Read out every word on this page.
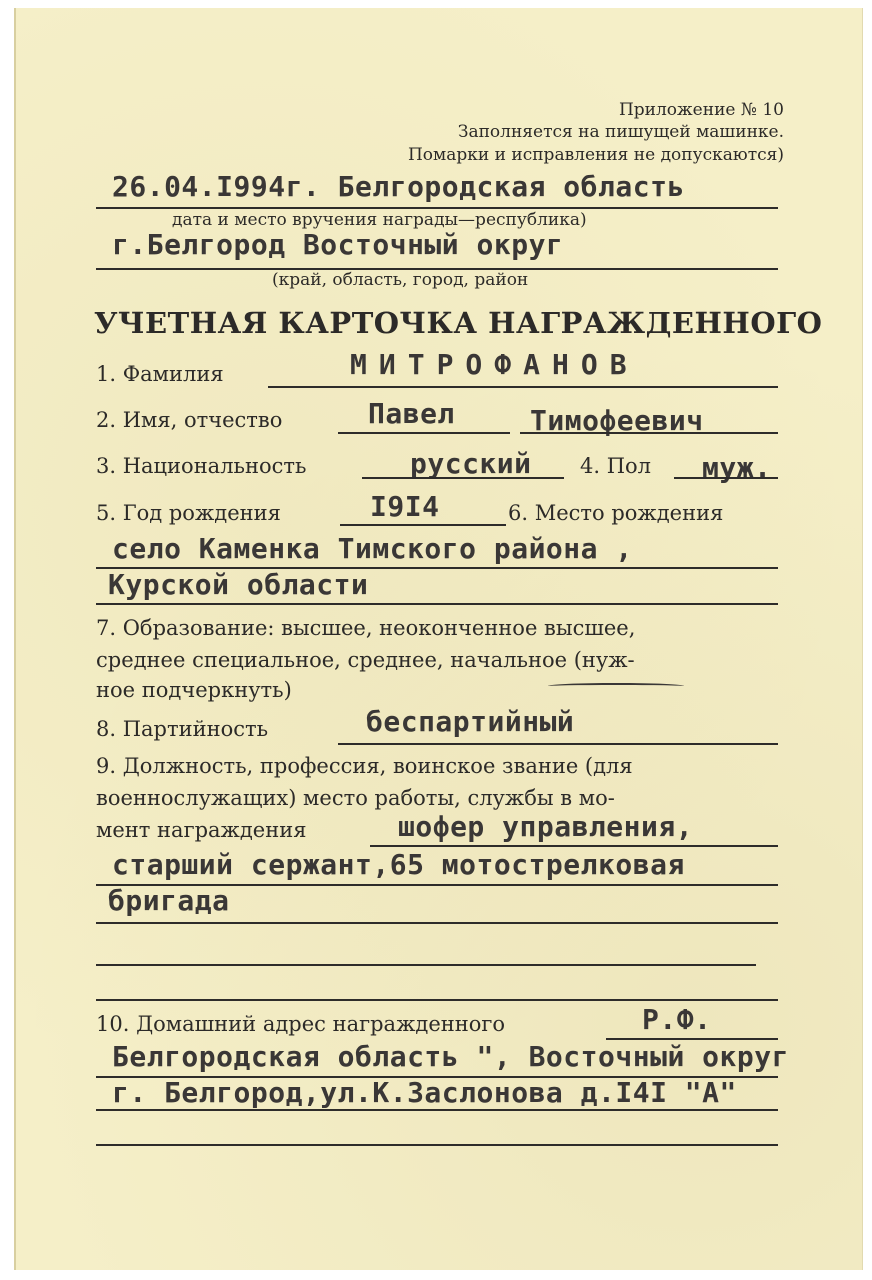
Приложение № 10
Заполняется на пишущей машинке.
Помарки и исправления не допускаются)
26.04.I994г. Белгородская область
дата и место вручения награды—республика)
г.Белгород Восточный округ
(край, область, город, район
УЧЕТНАЯ КАРТОЧКА НАГРАЖДЕННОГО
1. Фамилия	МИТРОФАНОВ
2. Имя, отчество	Павел	Тимофеевич
3. Национальность	русский 4. Пол муж.
5. Год рождения	I9I4	6. Место рождения
село Каменка Тимского района ,
Курской области
7. Образование: высшее, неоконченное высшее,
среднее специальное, среднее, начальное (нуж-
ное подчеркнуть)
8. Партийность	беспартийный
9. Должность, профессия, воинское звание (для
военнослужащих) место работы, службы в мо-
мент награждения	шофер управления,
старший сержант,65 мотострелковая
бригада
10. Домашний адрес награжденного	Р.Ф.
Белгородская область ", Восточный округ
г. Белгород,ул.К.Заслонова д.I4I "А"
